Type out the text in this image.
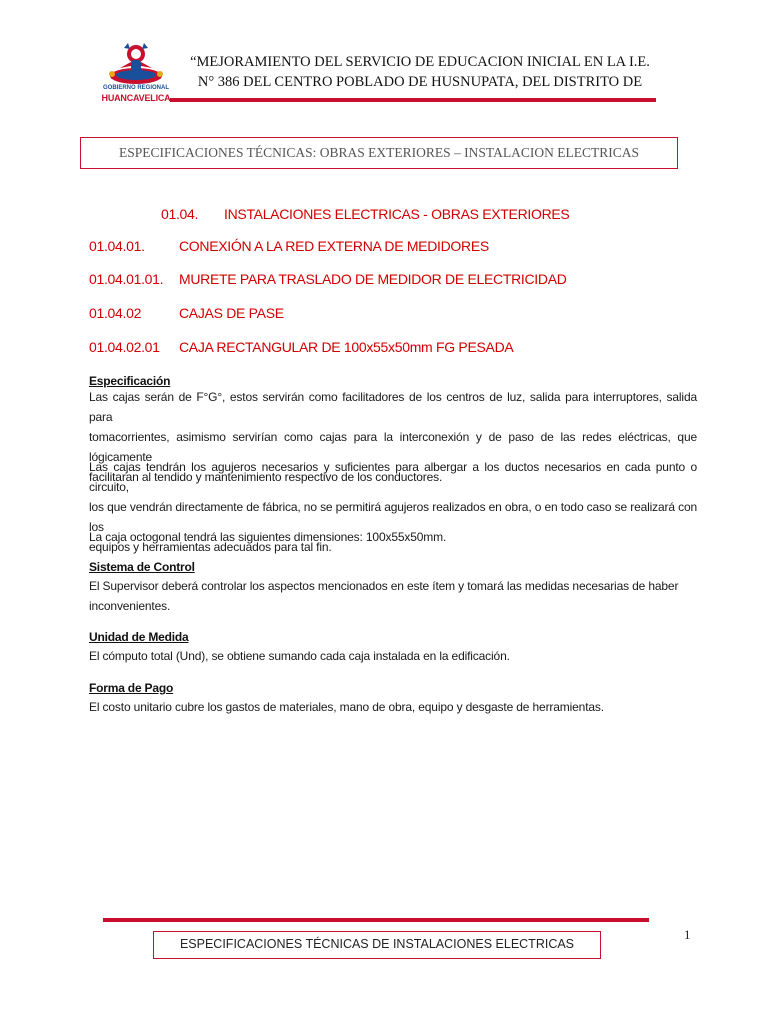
GOBIERNO REGIONAL
HUANCAVELICA
“MEJORAMIENTO DEL SERVICIO DE EDUCACION INICIAL EN LA I.E.
N° 386 DEL CENTRO POBLADO DE HUSNUPATA, DEL DISTRITO DE
ESPECIFICACIONES TÉCNICAS: OBRAS EXTERIORES – INSTALACION ELECTRICAS
01.04. INSTALACIONES ELECTRICAS - OBRAS EXTERIORES
01.04.01. CONEXIÓN A LA RED EXTERNA DE MEDIDORES
01.04.01.01. MURETE PARA TRASLADO DE MEDIDOR DE ELECTRICIDAD
01.04.02	CAJAS DE PASE
01.04.02.01 CAJA RECTANGULAR DE 100x55x50mm FG PESADA
Especificación
Las cajas serán de F°G°, estos servirán como facilitadores de los centros de luz, salida para interruptores, salida para
tomacorrientes, asimismo servirían como cajas para la interconexión y de paso de las redes eléctricas, que lógicamente
facilitaran al tendido y mantenimiento respectivo de los conductores.
Las cajas tendrán los agujeros necesarios y suficientes para albergar a los ductos necesarios en cada punto o circuito,
los que vendrán directamente de fábrica, no se permitirá agujeros realizados en obra, o en todo caso se realizará con los
equipos y herramientas adecuados para tal fin.
La caja octogonal tendrá las siguientes dimensiones: 100x55x50mm.
Sistema de Control
El Supervisor deberá controlar los aspectos mencionados en este ítem y tomará las medidas necesarias de haber
inconvenientes.
Unidad de Medida
El cómputo total (Und), se obtiene sumando cada caja instalada en la edificación.
Forma de Pago
El costo unitario cubre los gastos de materiales, mano de obra, equipo y desgaste de herramientas.
ESPECIFICACIONES TÉCNICAS DE INSTALACIONES ELECTRICAS
1
